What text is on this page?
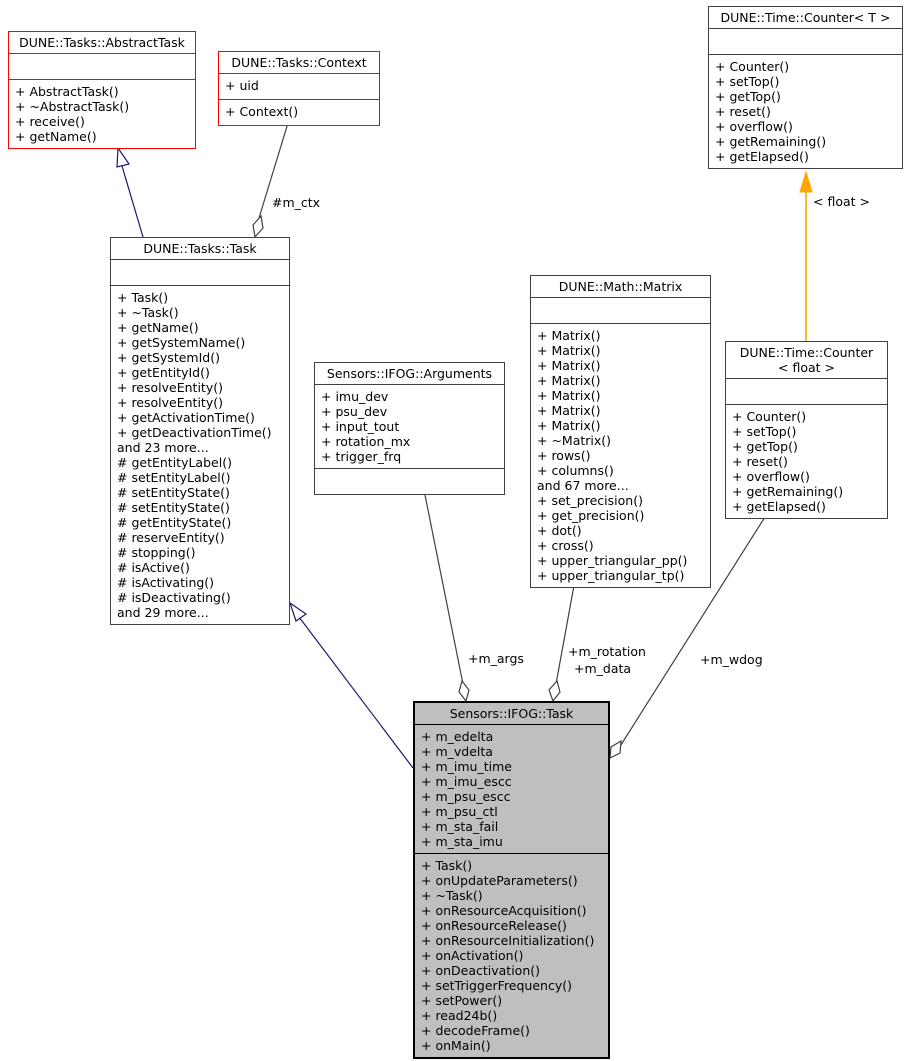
< float >
#m_ctx
+m_args	+m_rotation
+m_data
+m_wdog
DUNE::Tasks::AbstractTask
+ AbstractTask()
+ ~AbstractTask()
+ receive()
+ getName()
DUNE::Tasks::Context
+ uid
+ Context()
DUNE::Time::Counter< T >
+ Counter()
+ setTop()
+ getTop()
+ reset()
+ overflow()
+ getRemaining()
+ getElapsed()
DUNE::Tasks::Task
+ Task()
+ ~Task()
+ getName()
+ getSystemName()
+ getSystemId()
+ getEntityId()
+ resolveEntity()
+ resolveEntity()
+ getActivationTime()
+ getDeactivationTime()
and 23 more...
# getEntityLabel()
# setEntityLabel()
# setEntityState()
# setEntityState()
# getEntityState()
# reserveEntity()
# stopping()
# isActive()
# isActivating()
# isDeactivating()
and 29 more...
Sensors::IFOG::Arguments
+ imu_dev
+ psu_dev
+ input_tout
+ rotation_mx
+ trigger_frq
DUNE::Math::Matrix
+ Matrix()
+ Matrix()
+ Matrix()
+ Matrix()
+ Matrix()
+ Matrix()
+ Matrix()
+ ~Matrix()
+ rows()
+ columns()
and 67 more...
+ set_precision()
+ get_precision()
+ dot()
+ cross()
+ upper_triangular_pp()
+ upper_triangular_tp()
DUNE::Time::Counter
< float >
+ Counter()
+ setTop()
+ getTop()
+ reset()
+ overflow()
+ getRemaining()
+ getElapsed()
Sensors::IFOG::Task
+ m_edelta
+ m_vdelta
+ m_imu_time
+ m_imu_escc
+ m_psu_escc
+ m_psu_ctl
+ m_sta_fail
+ m_sta_imu
+ Task()
+ onUpdateParameters()
+ ~Task()
+ onResourceAcquisition()
+ onResourceRelease()
+ onResourceInitialization()
+ onActivation()
+ onDeactivation()
+ setTriggerFrequency()
+ setPower()
+ read24b()
+ decodeFrame()
+ onMain()
